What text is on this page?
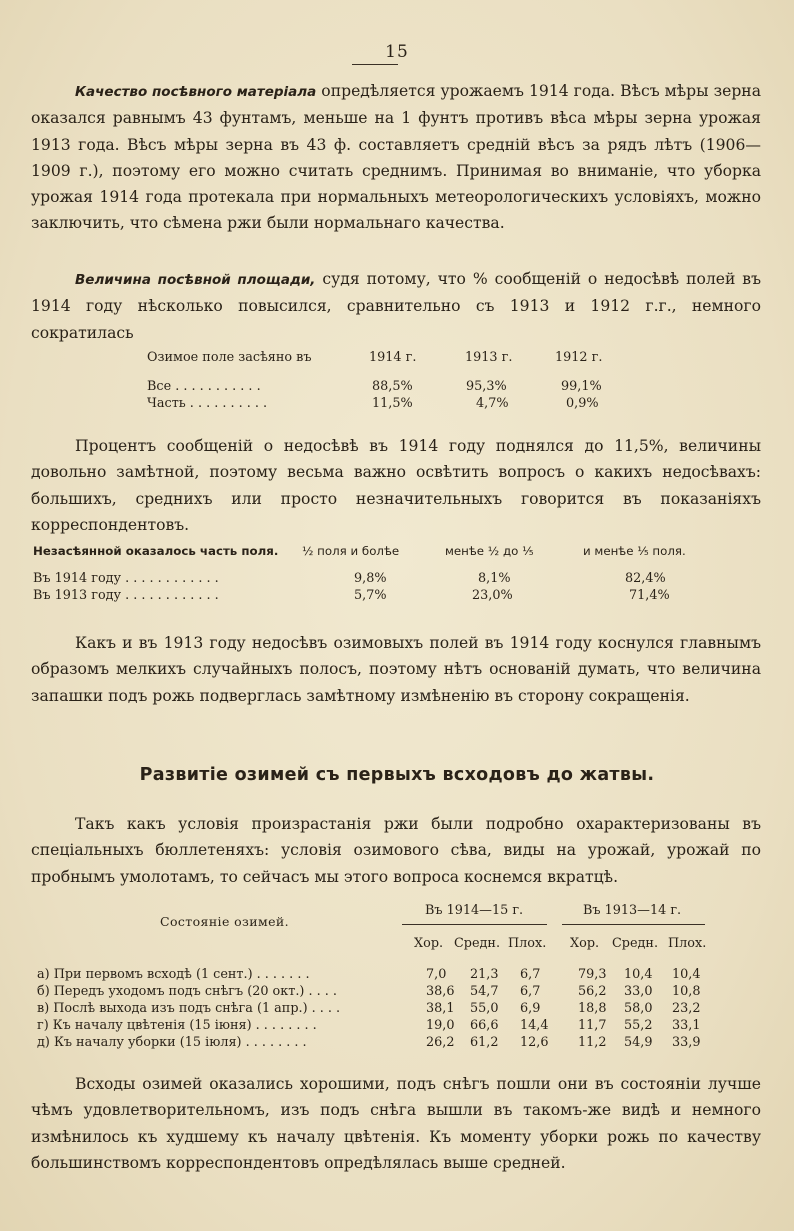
15

Качество посѣвного матеріала опредѣляется урожаемъ 1914 года. Вѣсъ мѣры зерна оказался равнымъ 43 фунтамъ, меньше на 1 фунтъ противъ вѣса мѣры зерна урожая 1913 года. Вѣсъ мѣры зерна въ 43 ф. составляетъ среднiй вѣсъ за рядъ лѣтъ (1906—1909 г.), поэтому его можно считать среднимъ. Принимая во вниманіе, что уборка урожая 1914 года протекала при нормальныхъ метеорологическихъ условіяхъ, можно заключить, что сѣмена ржи были нормальнаго качества.

Величина посѣвной площади, судя потому, что % сообщеній о недосѣвѣ полей въ 1914 году нѣсколько повысился, сравнительно съ 1913 и 1912 г.г., немного сократилась

Озимое поле засѣяно въ	1914 г.	1913 г.	1912 г.
Все . . . . . . . . . . .	88,5%	95,3%	99,1%
Часть . . . . . . . . . .	11,5%	4,7%	0,9%

Процентъ сообщеній о недосѣвѣ въ 1914 году поднялся до 11,5%, величины довольно замѣтной, поэтому весьма важно освѣтить вопросъ о какихъ недосѣвахъ: большихъ, среднихъ или просто незначительныхъ говорится въ показаніяхъ корреспондентовъ.

Незасѣянной оказалось часть поля. ½ поля и болѣе	менѣе ½ до ⅕	и менѣе ⅕ поля.
Въ 1914 году . . . . . . . . . . . .	9,8%	8,1%	82,4%
Въ 1913 году . . . . . . . . . . . .	5,7%	23,0%	71,4%

Какъ и въ 1913 году недосѣвъ озимовыхъ полей въ 1914 году коснулся главнымъ образомъ мелкихъ случайныхъ полосъ, поэтому нѣтъ основаній думать, что величина запашки подъ рожь подверглась замѣтному измѣненію въ сторону сокращенія.

Развитіе озимей съ первыхъ всходовъ до жатвы.

Такъ какъ условія произрастанія ржи были подробно охарактеризованы въ спеціальныхъ бюллетеняхъ: условія озимового сѣва, виды на урожай, урожай по пробнымъ умолотамъ, то сейчасъ мы этого вопроса коснемся вкратцѣ.

Состояніе озимей.
Въ 1914—15 г.	Въ 1913—14 г.
Хор. Средн. Плох. Хор. Средн. Плох.
а) При первомъ всходѣ (1 сент.) . . . . . . .	7,0 21,3 6,7	79,3 10,4 10,4
б) Передъ уходомъ подъ снѣгъ (20 окт.) . . . .	38,6 54,7 6,7	56,2 33,0 10,8
в) Послѣ выхода изъ подъ снѣга (1 апр.) . . . .	38,1 55,0 6,9	18,8 58,0 23,2
г) Къ началу цвѣтенія (15 іюня) . . . . . . . .	19,0 66,6 14,4 11,7 55,2 33,1
д) Къ началу уборки (15 іюля) . . . . . . . .	26,2 61,2 12,6 11,2 54,9 33,9

Всходы озимей оказались хорошими, подъ снѣгъ пошли они въ состояніи лучше чѣмъ удовлетворительномъ, изъ подъ снѣга вышли въ такомъ-же видѣ и немного измѣнилось къ худшему къ началу цвѣтенія. Къ моменту уборки рожь по качеству большинствомъ корреспондентовъ опредѣлялась выше средней.
